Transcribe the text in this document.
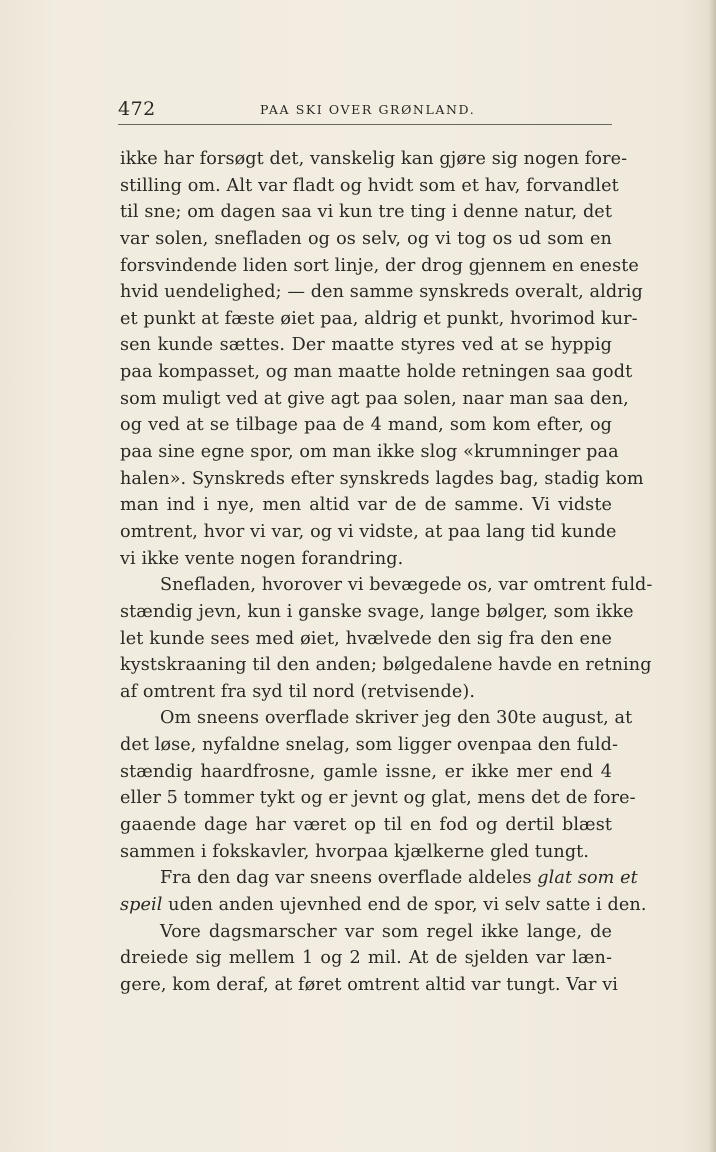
472	PAA SKI OVER GRØNLAND.
ikke har forsøgt det, vanskelig kan gjøre sig nogen fore-
stilling om. Alt var fladt og hvidt som et hav, forvandlet
til sne; om dagen saa vi kun tre ting i denne natur, det
var solen, snefladen og os selv, og vi tog os ud som en
forsvindende liden sort linje, der drog gjennem en eneste
hvid uendelighed; — den samme synskreds overalt, aldrig
et punkt at fæste øiet paa, aldrig et punkt, hvorimod kur-
sen kunde sættes. Der maatte styres ved at se hyppig
paa kompasset, og man maatte holde retningen saa godt
som muligt ved at give agt paa solen, naar man saa den,
og ved at se tilbage paa de 4 mand, som kom efter, og
paa sine egne spor, om man ikke slog «krumninger paa
halen». Synskreds efter synskreds lagdes bag, stadig kom
man ind i nye, men altid var de de samme. Vi vidste
omtrent, hvor vi var, og vi vidste, at paa lang tid kunde
vi ikke vente nogen forandring.
Snefladen, hvorover vi bevægede os, var omtrent fuld-
stændig jevn, kun i ganske svage, lange bølger, som ikke
let kunde sees med øiet, hvælvede den sig fra den ene
kystskraaning til den anden; bølgedalene havde en retning
af omtrent fra syd til nord (retvisende).
Om sneens overflade skriver jeg den 30te august, at
det løse, nyfaldne snelag, som ligger ovenpaa den fuld-
stændig haardfrosne, gamle issne, er ikke mer end 4
eller 5 tommer tykt og er jevnt og glat, mens det de fore-
gaaende dage har været op til en fod og dertil blæst
sammen i fokskavler, hvorpaa kjælkerne gled tungt.
Fra den dag var sneens overflade aldeles glat som et
speil uden anden ujevnhed end de spor, vi selv satte i den.
Vore dagsmarscher var som regel ikke lange, de
dreiede sig mellem 1 og 2 mil. At de sjelden var læn-
gere, kom deraf, at føret omtrent altid var tungt. Var vi
